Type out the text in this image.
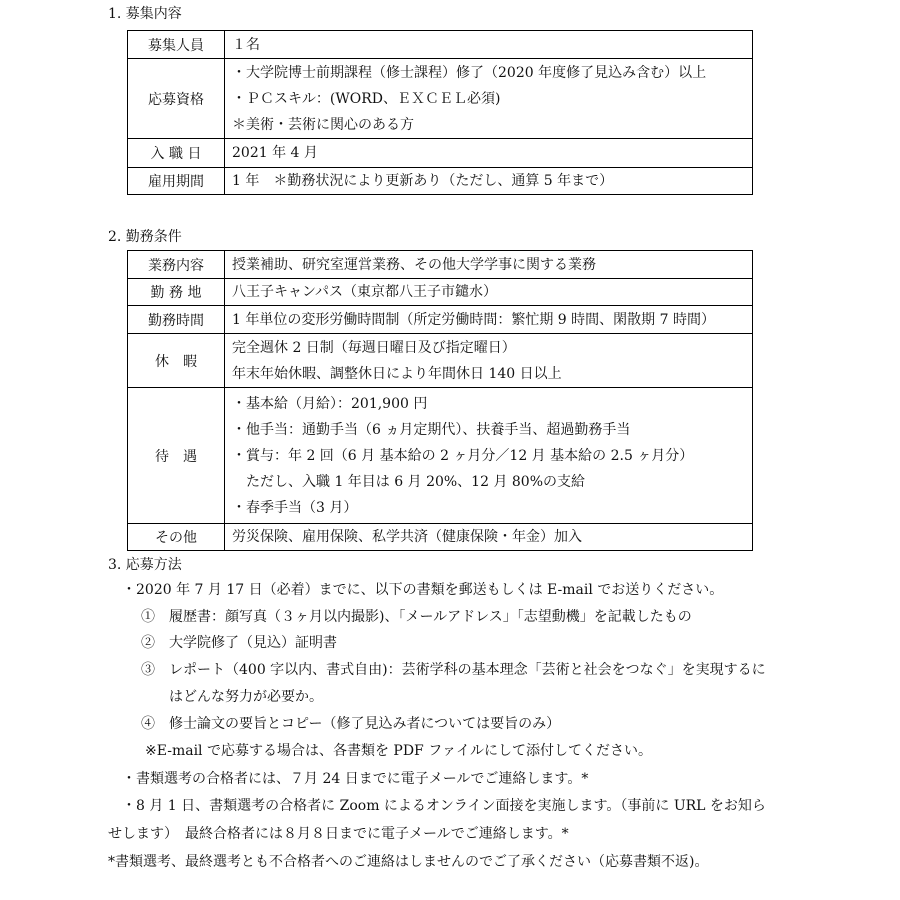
1. 募集内容
募集人員	１名

応募資格	・大学院博士前期課程（修士課程）修了（2020 年度修了見込み含む）以上
・ＰＣスキル：(WORD、ＥＸＣＥＬ必須)
＊美術・芸術に関心のある方

入 職 日	2021 年 4 月

雇用期間	1 年　＊勤務状況により更新あり（ただし、通算 5 年まで）
2. 勤務条件
業務内容	授業補助、研究室運営業務、その他大学学事に関する業務

勤 務 地	八王子キャンパス（東京都八王子市鑓水）

勤務時間	1 年単位の変形労働時間制（所定労働時間：繁忙期 9 時間、閑散期 7 時間）

休　暇	完全週休 2 日制（毎週日曜日及び指定曜日）
年末年始休暇、調整休日により年間休日 140 日以上

待　遇	・基本給（月給）：201,900 円
・他手当：通勤手当（6 ヵ月定期代）、扶養手当、超過勤務手当
・賞与：年 2 回（6 月 基本給の 2 ヶ月分／12 月 基本給の 2.5 ヶ月分）
　ただし、入職 1 年目は 6 月 20%、12 月 80%の支給
・春季手当（3 月）

その他	労災保険、雇用保険、私学共済（健康保険・年金）加入
3. 応募方法
・2020 年 7 月 17 日（必着）までに、以下の書類を郵送もしくは E-mail でお送りください。
①　履歴書：顔写真（３ヶ月以内撮影)、「メールアドレス」「志望動機」を記載したもの
②　大学院修了（見込）証明書
③　レポート（400 字以内、書式自由)：芸術学科の基本理念「芸術と社会をつなぐ」を実現するに
はどんな努力が必要か。
④　修士論文の要旨とコピー（修了見込み者については要旨のみ）
※E-mail で応募する場合は、各書類を PDF ファイルにして添付してください。
・書類選考の合格者には、７月 24 日までに電子メールでご連絡します。*
・8 月 1 日、書類選考の合格者に Zoom によるオンライン面接を実施します。（事前に URL をお知ら
せします）　最終合格者には８月８日までに電子メールでご連絡します。*
*書類選考、最終選考とも不合格者へのご連絡はしませんのでご了承ください（応募書類不返)。
